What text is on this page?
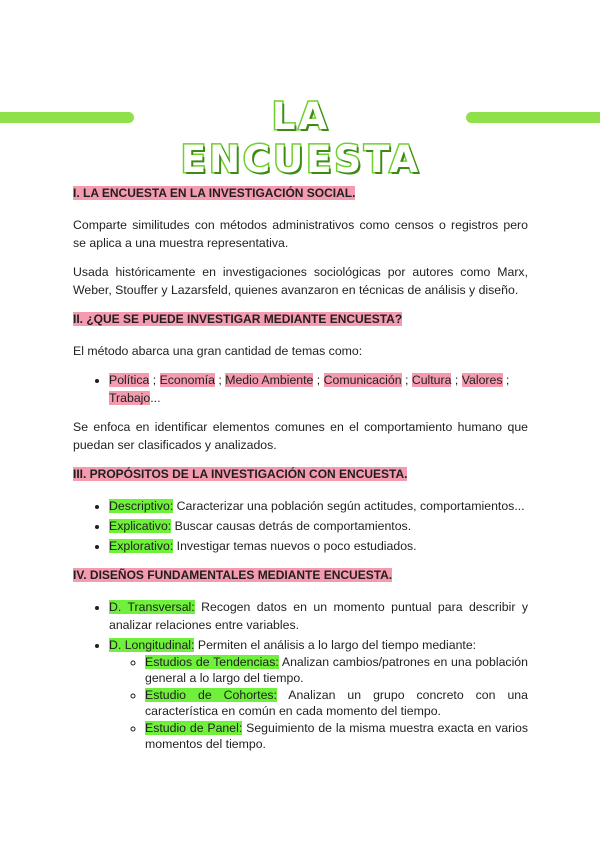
LA ENCUESTA
I. LA ENCUESTA EN LA INVESTIGACIÓN SOCIAL.

Comparte similitudes con métodos administrativos como censos o registros pero se aplica a una muestra representativa.

Usada históricamente en investigaciones sociológicas por autores como Marx, Weber, Stouffer y Lazarsfeld, quienes avanzaron en técnicas de análisis y diseño.

II. ¿QUE SE PUEDE INVESTIGAR MEDIANTE ENCUESTA?

El método abarca una gran cantidad de temas como:

• Política ; Economía ; Medio Ambiente ; Comunicación ; Cultura ; Valores ; Trabajo...

Se enfoca en identificar elementos comunes en el comportamiento humano que puedan ser clasificados y analizados.

III. PROPÓSITOS DE LA INVESTIGACIÓN CON ENCUESTA.
• Descriptivo: Caracterizar una población según actitudes, comportamientos...
• Explicativo: Buscar causas detrás de comportamientos.
• Explorativo: Investigar temas nuevos o poco estudiados.
IV. DISEÑOS FUNDAMENTALES MEDIANTE ENCUESTA.
• D. Transversal: Recogen datos en un momento puntual para describir y analizar relaciones entre variables.
• D. Longitudinal: Permiten el análisis a lo largo del tiempo mediante:
◦ Estudios de Tendencias: Analizan cambios/patrones en una población general a lo largo del tiempo.
◦ Estudio de Cohortes: Analizan un grupo concreto con una característica en común en cada momento del tiempo.
◦ Estudio de Panel: Seguimiento de la misma muestra exacta en varios momentos del tiempo.
